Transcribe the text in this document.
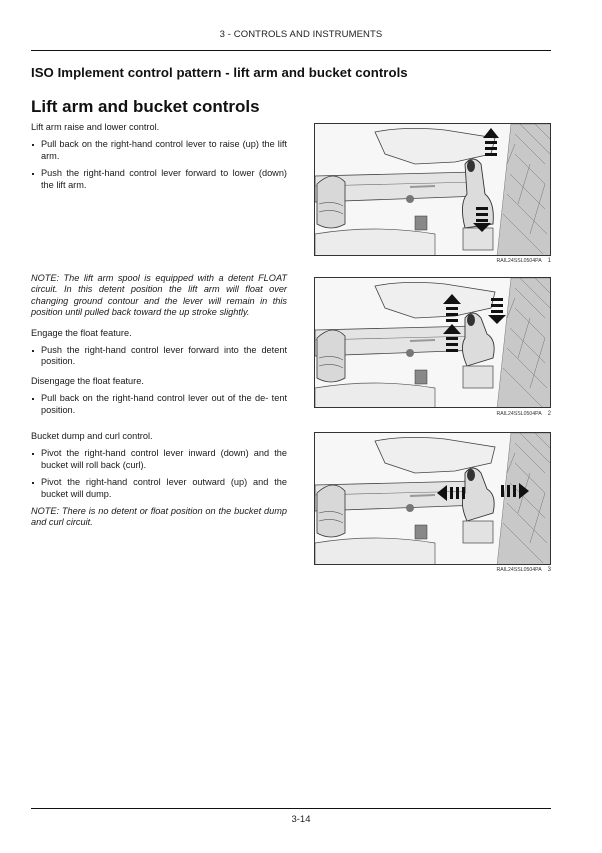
3 - CONTROLS AND INSTRUMENTS
ISO Implement control pattern - lift arm and bucket controls
Lift arm and bucket controls

Lift arm raise and lower control.

Pull back on the right-hand control lever to raise (up) the lift arm.

Push the right-hand control lever forward to lower (down) the lift arm.

NOTE: The lift arm spool is equipped with a detent FLOAT circuit. In this detent position the lift arm will float over changing ground contour and the lever will remain in this position until pulled back toward the up stroke slightly.

Engage the float feature.

Push the right-hand control lever forward into the detent position.

Disengage the float feature.

Pull back on the right-hand control lever out of the de- tent position.

Bucket dump and curl control.

Pivot the right-hand control lever inward (down) and the bucket will roll back (curl).

Pivot the right-hand control lever outward (up) and the bucket will dump.

NOTE: There is no detent or float position on the bucket dump and curl circuit.

RAIL24SSL0504PA 1
RAIL24SSL0504PA 2
RAIL24SSL0504PA 3
3-14
